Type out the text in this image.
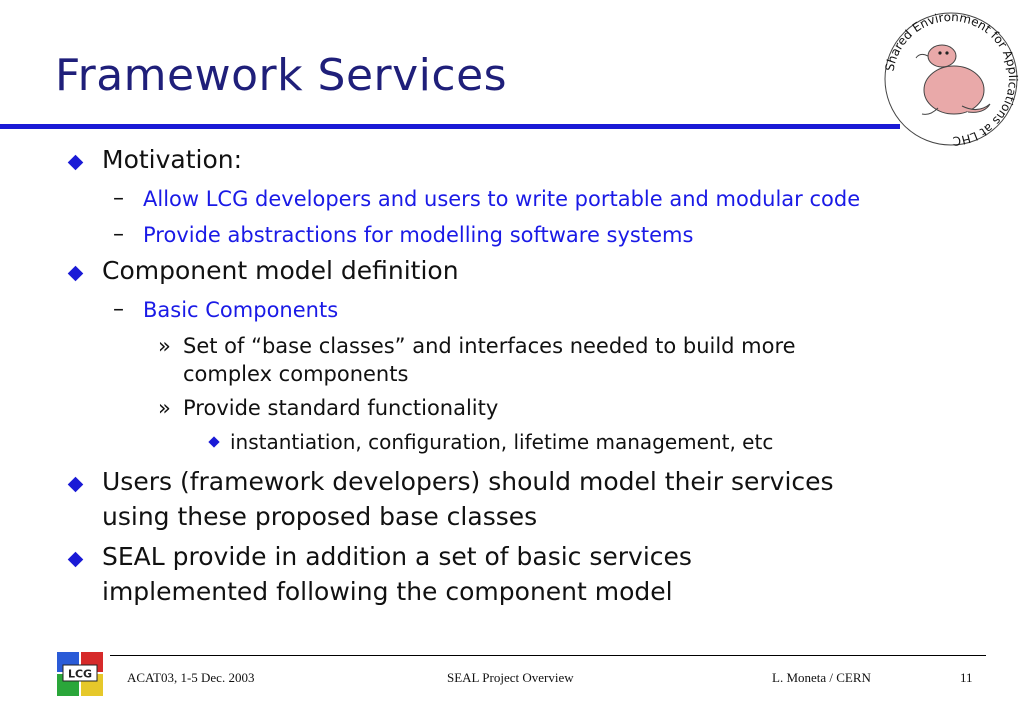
Framework Services	Shared Environment for Applications at LHC
Motivation:
– Allow LCG developers and users to write portable and modular code
– Provide abstractions for modelling software systems
Component model definition
– Basic Components
» Set of “base classes” and interfaces needed to build more
complex components
» Provide standard functionality
instantiation, configuration, lifetime management, etc
Users (framework developers) should model their services
using these proposed base classes
SEAL provide in addition a set of basic services
implemented following the component model
LCG	ACAT03, 1-5 Dec. 2003	SEAL Project Overview	L. Moneta / CERN	11
